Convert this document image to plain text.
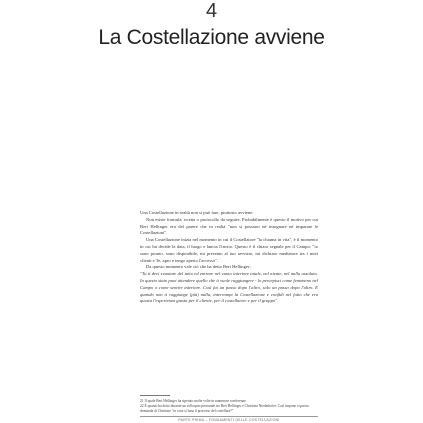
4
La Costellazione avviene

Una Costellazione in realtà non si può fare, piuttosto avviene.

Non esiste formula, ricetta o protocollo da seguire. Probabilmente è questo il motivo per cui Bert Hellinger era del parere che in realtà "non si possono né insegnare né imparare le Costellazioni".

Una Costellazione inizia nel momento in cui il Costellatore "la chiama in vita", è il momento in cui lui decide la data, il luogo e lancia l'invito. Questo è il chiaro segnale per il Campo: "io sono pronto, sono disponibile, mi presento al tuo servizio, mi dichiaro mediatore tra i miei clienti e Te, apro e tengo aperto l'accesso".

Da questo momento vale ciò che ha detto Bert Hellinger:

"Tu ti devi svuotare del tutto ed entrare nel vuoto interiore totale, nel niente, nel nulla assoluto. In questo stato puoi attendere quello che ti vuole raggiungere - lo percepisci come fenomeno nel Campo o come sentire interiore. Così fai un passo dopo l'altro, solo un passo dopo l'altro. E quando non ti raggiunge (più) nulla, interrompi la Costellazione e confidi nel fatto che era questa l'esperienza giusta per il cliente, per il costellatore e per il gruppo".

21 Il quale Bert Hellinger ha ripetuto molte volte in numerose conferenze.

22 È quanto ha detto durante un colloquio personale tra Bert Hellinger e Christina Niederhofer. Così impone a questa domanda di Christine "in cosa si basa il processo del costellare?".

PARTE PRIMA – FONDAMENTI DELLE COSTELLAZIONI
